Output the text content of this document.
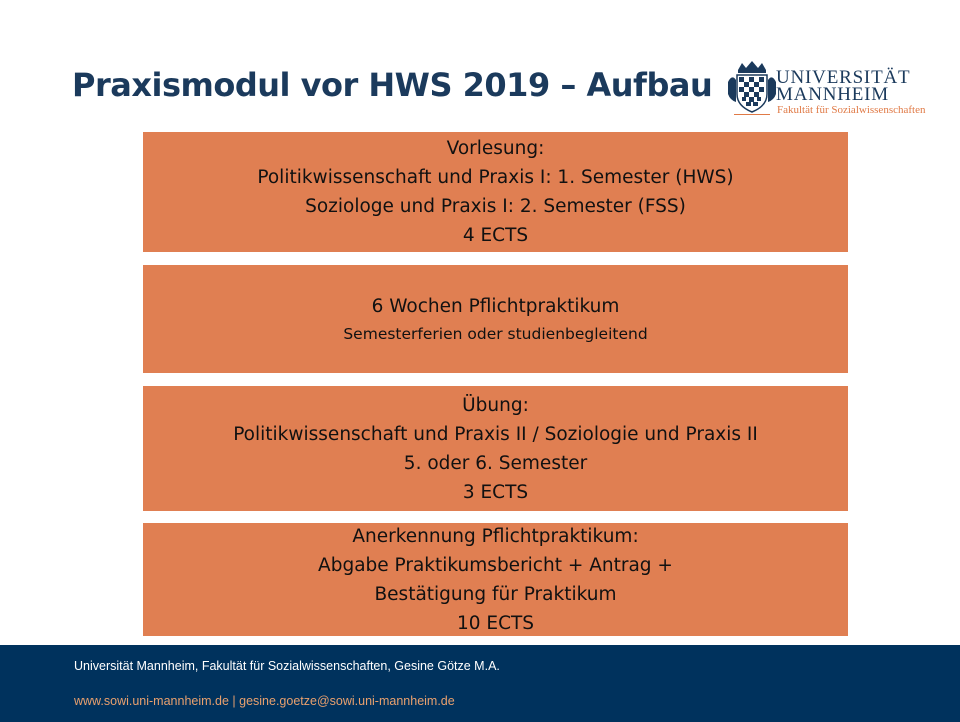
Praxismodul vor HWS 2019 – Aufbau	UNIVERSITÄT
MANNHEIM
Fakultät für Sozialwissenschaften
Vorlesung:
Politikwissenschaft und Praxis I: 1. Semester (HWS)
Soziologe und Praxis I: 2. Semester (FSS)
4 ECTS
6 Wochen Pflichtpraktikum
Semesterferien oder studienbegleitend
Übung:
Politikwissenschaft und Praxis II / Soziologie und Praxis II
5. oder 6. Semester
3 ECTS
Anerkennung Pflichtpraktikum:
Abgabe Praktikumsbericht + Antrag +
Bestätigung für Praktikum
10 ECTS
Universität Mannheim, Fakultät für Sozialwissenschaften, Gesine Götze M.A.
www.sowi.uni-mannheim.de | gesine.goetze@sowi.uni-mannheim.de
